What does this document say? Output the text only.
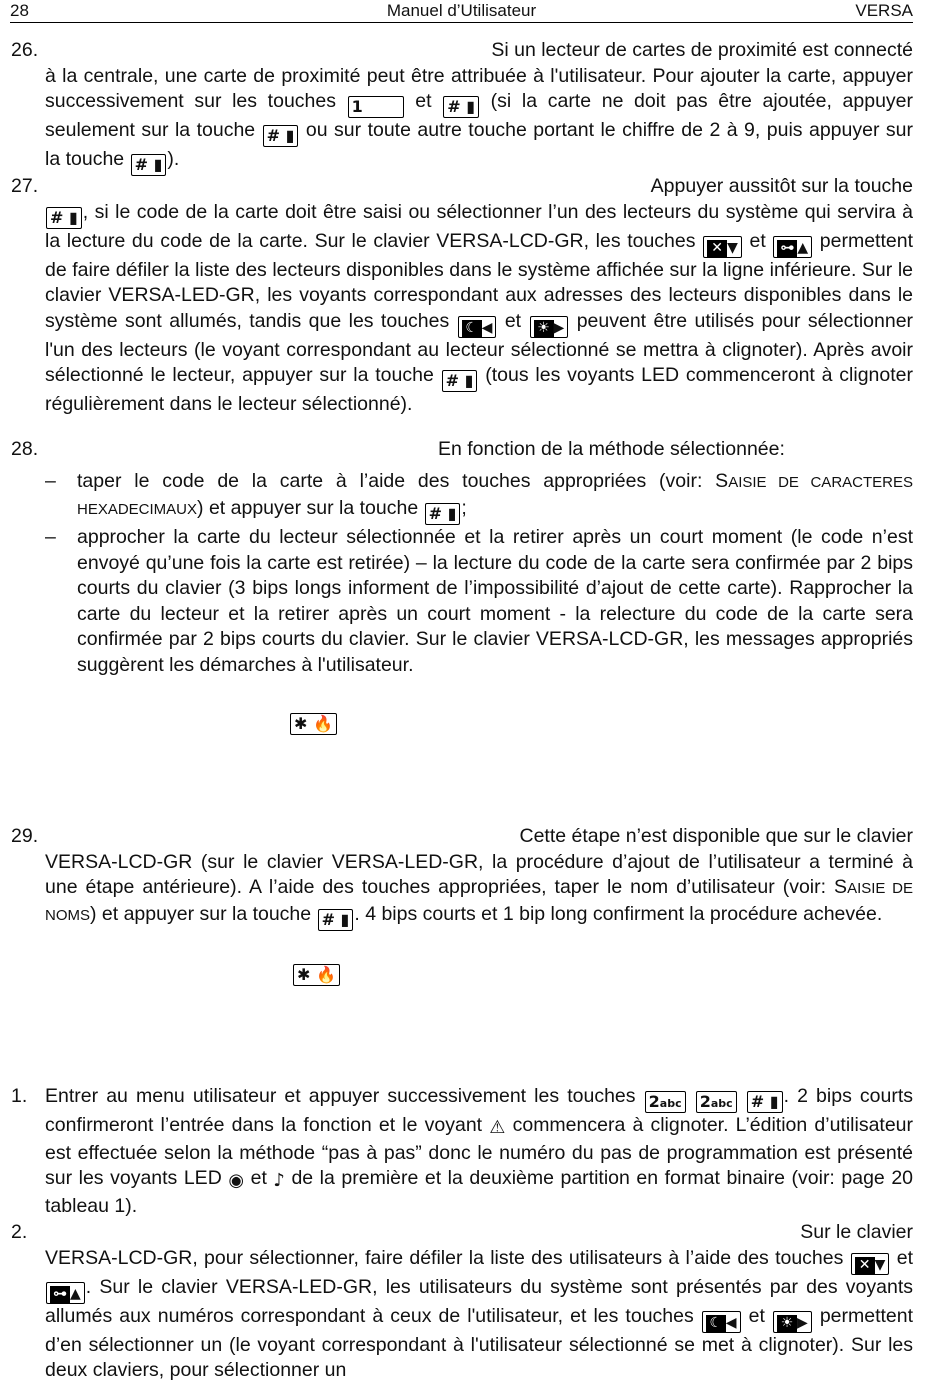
28	Manuel d’Utilisateur	VERSA
26.	Si un lecteur de cartes de proximité est connecté
à la centrale, une carte de proximité peut être attribuée à l'utilisateur. Pour ajouter la carte, appuyer successivement sur les touches 1	et # ▮ (si la carte ne doit pas être ajoutée, appuyer seulement sur la touche # ▮ ou sur toute autre touche portant le chiffre de 2 à 9, puis appuyer sur la touche # ▮ ).
27.	Appuyer aussitôt sur la touche
# ▮ , si le code de la carte doit être saisi ou sélectionner l’un des lecteurs du système qui servira à la lecture du code de la carte. Sur le clavier VERSA-LCD-GR, les touches ✕ ▼ et ⊶ ▲ permettent de faire défiler la liste des lecteurs disponibles dans le système affichée sur la ligne inférieure. Sur le clavier VERSA-LED-GR, les voyants correspondant aux adresses des lecteurs disponibles dans le système sont allumés, tandis que les touches ☾ ◀ et ☀ ▶ peuvent être utilisés pour sélectionner l'un des lecteurs (le voyant correspondant au lecteur sélectionné se mettra à clignoter). Après avoir sélectionné le lecteur, appuyer sur la touche # ▮ (tous les voyants LED commenceront à clignoter régulièrement dans le lecteur sélectionné).
28.	En fonction de la méthode sélectionnée:
–	taper le code de la carte à l’aide des touches appropriées (voir: SAISIE DE CARACTERES HEXADECIMAUX) et appuyer sur la touche # ▮ ;
–	approcher la carte du lecteur sélectionnée et la retirer après un court moment (le code n’est envoyé qu’une fois la carte est retirée) – la lecture du code de la carte sera confirmée par 2 bips courts du clavier (3 bips longs informent de l’impossibilité d’ajout de cette carte). Rapprocher la carte du lecteur et la retirer après un court moment - la relecture du code de la carte sera confirmée par 2 bips courts du clavier. Sur le clavier VERSA-LCD-GR, les messages appropriés suggèrent les démarches à l'utilisateur.
✱ 🔥
29.	Cette étape n’est disponible que sur le clavier
VERSA-LCD-GR (sur le clavier VERSA-LED-GR, la procédure d’ajout de l’utilisateur a terminé à une étape antérieure). A l’aide des touches appropriées, taper le nom d’utilisateur (voir: SAISIE DE NOMS) et appuyer sur la touche # ▮ . 4 bips courts et 1 bip long confirment la procédure achevée.
✱ 🔥
1. Entrer au menu utilisateur et appuyer successivement les touches 2abc 2abc # ▮ . 2 bips courts confirmeront l’entrée dans la fonction et le voyant ⚠ commencera à clignoter. L’édition d’utilisateur est effectuée selon la méthode “pas à pas” donc le numéro du pas de programmation est présenté sur les voyants LED ◉ et ♪ de la première et la deuxième partition en format binaire (voir: page 20 tableau 1).
2.	Sur le clavier
VERSA-LCD-GR, pour sélectionner, faire défiler la liste des utilisateurs à l’aide des touches ✕ ▼ et ⊶ ▲ . Sur le clavier VERSA-LED-GR, les utilisateurs du système sont présentés par des voyants allumés aux numéros correspondant à ceux de l'utilisateur, et les touches ☾ ◀ et ☀ ▶ permettent d’en sélectionner un (le voyant correspondant à l'utilisateur sélectionné se met à clignoter). Sur les deux claviers, pour sélectionner un
